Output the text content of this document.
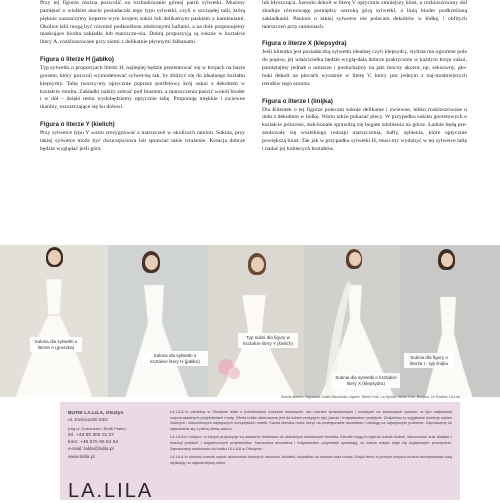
Przy tej figurze można pozwolić na rozbudowanie górnej partii sylwetki. Musimy pamiętać o wielkim atucie posiadaczki tego typu sylwetki, czyli o szczupłej talii, którą pięknie zaznaczymy koperto-wym krojem sukni lub delikatnym paskiem z kamieniami. Okolice talii mogą być również podkreślone zdobionymi haftami, a na dole proponujemy maskujące biodra zakładki lub marszcze-nia. Dobrą propozycją są suknie w kształcie litery A, rozkloszowane przy ziemi z delikatnie płynnymi falbanami.

Figura o literze H (jabłko)

Typ sylwetki o proporcjach literki H, najlepiej będzie prezentować się w krojach na bazie gorsetu, który pozwoli wymodelować sylwet-kę tak, by zbliżyć się do idealnego kształtu klepsydry. Talię tworzy-my optycznie poprzez portfelowy krój sukni z dekoltem w kształcie rombu. Zakładki należy zebrać pod biustem, a marszczenia puścić wokół bioder i w dół – dzięki temu wydobędziemy optycznie talię. Proponuję miękkie i zwiewne tkaniny, rozszerzające się ku dołowi.

Figura o literze Y (kielich)

Przy sylwetce typu Y warto zrezygnować z marszczeń w okolicach ramion. Suknia, przy takiej sylwetce może być dwuczęściowa lub sprawiać takie wrażenie. Kreacja dobrze będzie wyglądać jeśli góra

lub błyszcząca. Szeroki dekolt w literę V optycznie zmniejszy biust, a rozkloszowany dół zbuduje równowagę pomiędzy szeroką górą sylwetki, a linią bioder podkreśloną zakładkami. Paniom o takiej sylwetce nie polecam dekoltów w łódkę, i obfitych marszczeń przy ramionach.

Figura o literze X (klepsydra)

Jeśli klientka jest posiadaczką sylwetki idealnej czyli klepsydry, stylista ma ogromne pole do popisu, jej właścicielka będzie wyglą-dała dobrze praktycznie w każdym kroju sukni, pamiętajmy jednak o umiarze i posłuchajmy na jaki mocny akcent, np. seksowny, gło-boki dekolt na plecach wyraźnie w literę V, który jest jednym z naj-modniejszych trendów tego sezonu.

Figura o literze I (linijka)

Dla Klientek o tej figurze polecam suknie delikatne i zwiewne, lekko rozkloszowane u dołu z dekoltem w łódkę. Warto także pokazać plecy. W przypadku sukien gorsetowych o kształcie princessi, dok-konale sprawdzą się bogate zdobienia na górze. Ładnie będą pre-zentowały się wszelkiego rodzaju marszczenia, hafty, zębienia, które optycznie powiększą biust. Tak jak w przypadku sylwetki H, musi-my wydobyć w tej sylwetce talię i nadać jej kobiecych kształtów.

Suknia dla sylwetki o literze A (gruszka)
Suknia dla sylwetki o kształcie litery H (jabłko)
Typ sukni dla figury w kształcie litery Y (kielich)
Suknia dla sylwetki o kształcie litery X (klepsydra)
Suknia dla figury o literze I - typ linijka
Suknie ślubne: Signature Justin Alexander, Agnes, Stella York, La Sposa, White One, Bonjour, Le Rocher, La Lila
BUTIK LA.LILA, Olsztyn
ul. Kościuszki 84D
(róg ul. Kościuszki i Emilii Plater)
tel. +48 89 300 01 07
kom: +48 575 95 84 84
e-mail: lalila@lalila.pl
www.lalila.pl
LA.LILA

LA.LILA to pierwszy w Olsztynie butik z prestiżowymi markami modowymi, ale również sprawdzonymi i uznanymi na światowych rynkach, w tym najbardziej rozpoznawalnymi projektantami mody. Oferta butiku skierowana jest do kobiet ceniących styl, jakość i indywidualne podejście. Znajdziesz tu wyjątkowe kolekcje sukien ślubnych i wieczorowych najlepszych europejskich marek. Każda klientka może liczyć na profesjonalne doradztwo i obsługę na najwyższym poziomie. Zapraszamy do zapoznania się z pełną ofertą salonu.

LA.LILA to miejsce, w którym propozycje są starannie dobierane do aktualnych światowych trendów. Klientki mogą tu wybrać suknie ślubne, wieczorowe oraz dodatki z kolekcji polskich i zagranicznych projektantów. Kameralna atmosfera i indywidualne przymiarki sprawiają, że każda wizyta staje się wyjątkowym przeżyciem. Zapraszamy serdecznie do butiku LA.LILA w Olsztynie.

LA.LILA to również szeroki wybór akcesoriów ślubnych: welonów, biżuterii, dodatków do włosów oraz butów. Dzięki temu w jednym miejscu można skompletować całą stylizację na najważniejszy dzień.
